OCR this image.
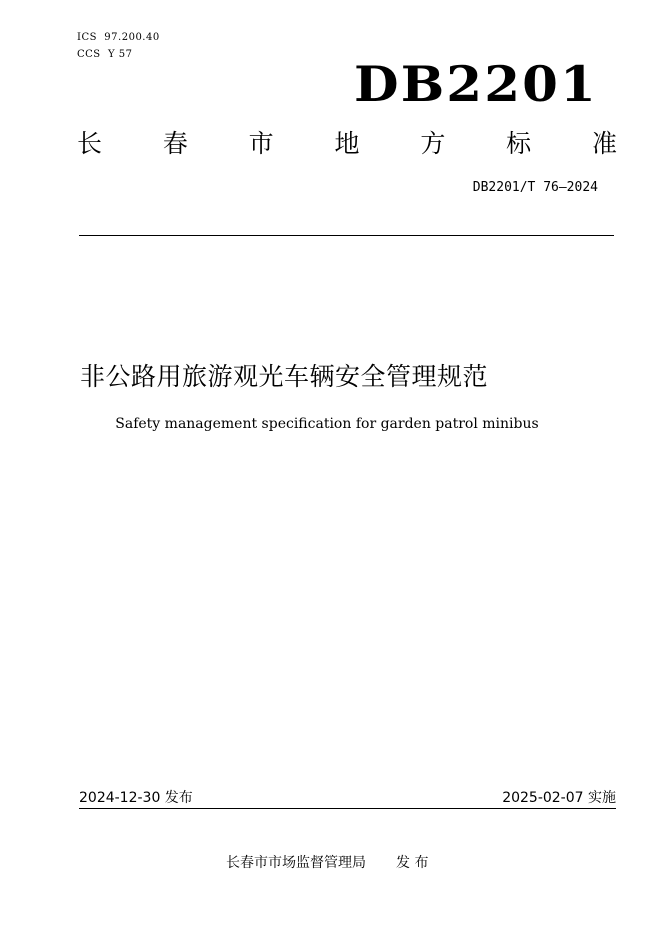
ICS  97.200.40
CCS  Y 57
DB2201
长 春 市 地 方 标 准
DB2201/T 76—2024
非公路用旅游观光车辆安全管理规范
Safety management specification for garden patrol minibus
2024-12-30 发布	2025-02-07 实施
长春市市场监督管理局 发 布
